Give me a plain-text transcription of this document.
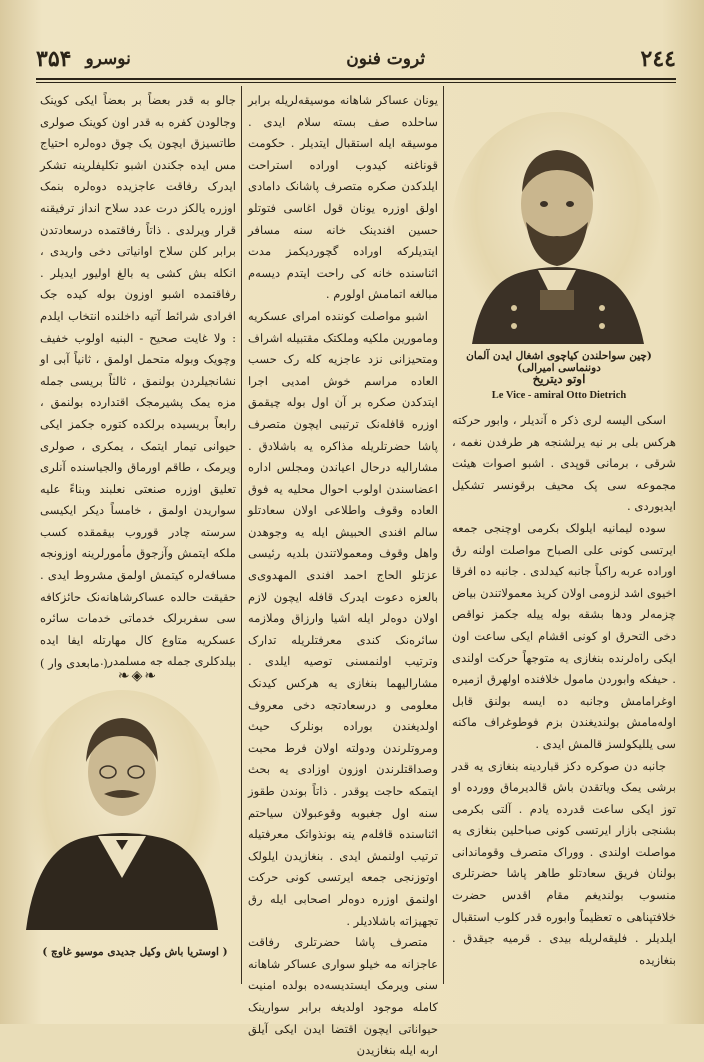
۲٤٤
ثروت فنون
نوسرو
۳۵۴
(چین سواحلندن کیاچوی اشغال ایدن آلمان دوننماسی امیرالی)
اوتو دیتریخ
Le Vice - amiral Otto Dietrich

اسکی الیسه لری ذکر ه آندیلر ، وابور حرکته هرکس بلی بر نیه یرلشنجه هر طرفدن نغمه ، شرقی ، برمانی قوپدی . اشبو اصوات هیئت مجموعه سی پک محیف برقونسر تشکیل ایدیوردی .

سوده لیمانیه ایلولک بکرمی اوچنجی جمعه ایرتسی کونی علی الصباح مواصلت اولنه رق اوراده عربه راکباً جانبه کیدلدی . جانبه ده افرقا اخیوی اشد لزومی اولان کریذ معمولاتندن بیاض چزمه‌لر ودها بشقه بوله ییله جکمز نواقص دخی التحرق او کونی اقشام ایکی ساعت اون ایکی راه‌لرنده بنغازی یه متوجهاً حرکت اولندی . حیفکه وابوردن مامول خلافنده اولهرق ازمیره اوغرامامش وجانبه ده ایسه بولنق قابل اوله‌مامش بولندیغندن بزم فوطوغراف ماکنه سی یللیکولسز قالمش ایدی .

جانبه دن صوکره دکز قباردینه بنغازی یه قدر برشی یمک ویاتقدن باش قالدیرماق وورده او توز ایکی ساعت قدرده یادم . آلتی بکرمی بشنجی بازار ایرتسی کونی صباحلین بنغازی یه مواصلت اولندی . ووراک متصرف وقوماندانی بولنان فریق سعادتلو طاهر پاشا حضرتلری منسوب بولندیغم مقام اقدس حضرت خلافتپناهی ه تعظیماً وابوره قدر کلوب استقبال ایلدیلر . فلیقه‌لریله بیدی . قرمیه جیقدق . بنغازیده

یونان عساکر شاهانه موسیقه‌لریله برابر ساحلده صف بسته سلام ایدی . موسیقه ایله استقبال ایتدیلر . حکومت قوناغنه کیدوب اوراده استراحت ایلدکدن صکره متصرف پاشانک دامادی اولق اوزره یونان قول اغاسی فتوتلو حسین افندینک خانه سنه مسافر ایتدیلرکه اوراده گچوردیکمز مدت اثناسنده خانه کی راحت ایتدم دیسه‌م مبالغه اتمامش اولورم .

اشبو مواصلت کوننده امرای عسکریه ومامورین ملکیه وملکتک مقتبیله اشراف ومتحیزانی نزد عاجزیه کله رک حسب العاده مراسم خوش امدیی اجرا ایتدکدن صکره بر آن اول بوله چیقمق اوزره قافله‌نک ترتیبی ایچون متصرف پاشا حضرتلریله مذاکره یه باشلادق . مشارالیه درحال اعیاندن ومجلس اداره اعضاسندن اولوب احوال محلیه یه فوق العاده وقوف واطلاعی اولان سعادتلو سالم افندی الحبیش ایله یه وجوهدن واهل وقوف ومعمولاتندن بلدیه رئیسی عزتلو الحاج احمد افندی المهدوی‌ی بالعزه دعوت ایدرک قافله ایچون لازم اولان دوه‌لر ایله اشیا وارزاق وملازمه سائره‌نک کندی معرفتلریله تدارک وترتیب اولنمسنی توصیه ایلدی . مشارالیهما بنغازی یه هرکس کیدنک معلومی و درسعادتجه دخی معروف اولدیغندن بوراده بونلرک حیث ومروتلرندن ودولته اولان فرط محبت وصداقتلرندن اوزون اوزادی یه بحث ایتمکه حاجت یوقدر . ذاتاً بوندن طقوز سنه اول جغبوبه وقوعبولان سیاحتم اثناسنده قافله‌م ینه بونذواتک معرفتیله ترتیب اولنمش ایدی . بنغازیدن ایلولک اوتوزنجی جمعه ایرتسی کونی حرکت اولنمق اوزره دوه‌لر اصحابی ایله رق تجهیزاته باشلادیلر .

متصرف پاشا حضرتلری رفاقت عاجزانه مه خیلو سواری عساکر شاهانه سنی ویرمک ایستدیسه‌ده بولده امنیت کامله موجود اولدیغه برابر سوارینک حیواناتی ایچون اقتضا ایدن ایکی آیلق اربه ایله بنغازیدن

جالو به قدر بعضاً بر بعضاً ایکی کوینک وجالودن کفره به قدر اون کوینک صولری طاتسیزق ایچون یک چوق دوه‌لره احتیاج مس ایده جکندن اشبو تکلیفلرینه تشکر ایدرک رفاقت عاجزیده دوه‌لره بنمک اوزره یالکز درت عدد سلاح انداز ترفیقنه قرار ویرلدی . ذاتاً رفاقتمده درسعادتدن برابر کلن سلاح اوانیاتی دخی واریدی ، انکله بش کشی یه بالغ اولیور ایدیلر . رفاقتمده اشبو اوزون بوله کیده جک افرادی شرائط آتیه داخلنده انتخاب ایلدم : ولا غایت صحیح - البنیه اولوب خفیف وچویک وبوله متحمل اولمق ، ثانیاً آبی او نشانجیلردن بولنمق ، ثالثاً بریسی جمله مزه یمک پشیرمجک اقتدارده بولنمق ، رابعاً بریسیده برلکده کتوره جکمز ایکی حیوانی تیمار ایتمک ، یمکری ، صولری ویرمک ، طاقم اورماق والجیاسنده آنلری تعلیق اوزره صنعتی نعلبند وبناءً علیه سواریدن اولمق ، خامساً دیکر ایکیسی سرسته چادر قوروب بیقمقده کسب ملکه ایتمش وآزجوق مأمورلرینه اوزونجه مسافه‌لره کیتمش اولمق مشروط ایدی . حقیقت حالده عساکرشاهانه‌نک حائزکافه سی سفربرلک خدماتی خدمات سائره عسکریه متاوع کال مهارتله ایفا ایده بیلدکلری جمله جه مسلمدر .

( مابعدی وار )
❧◈❧
( اوستریا باش وکیل جدیدی موسیو غاوچ )
